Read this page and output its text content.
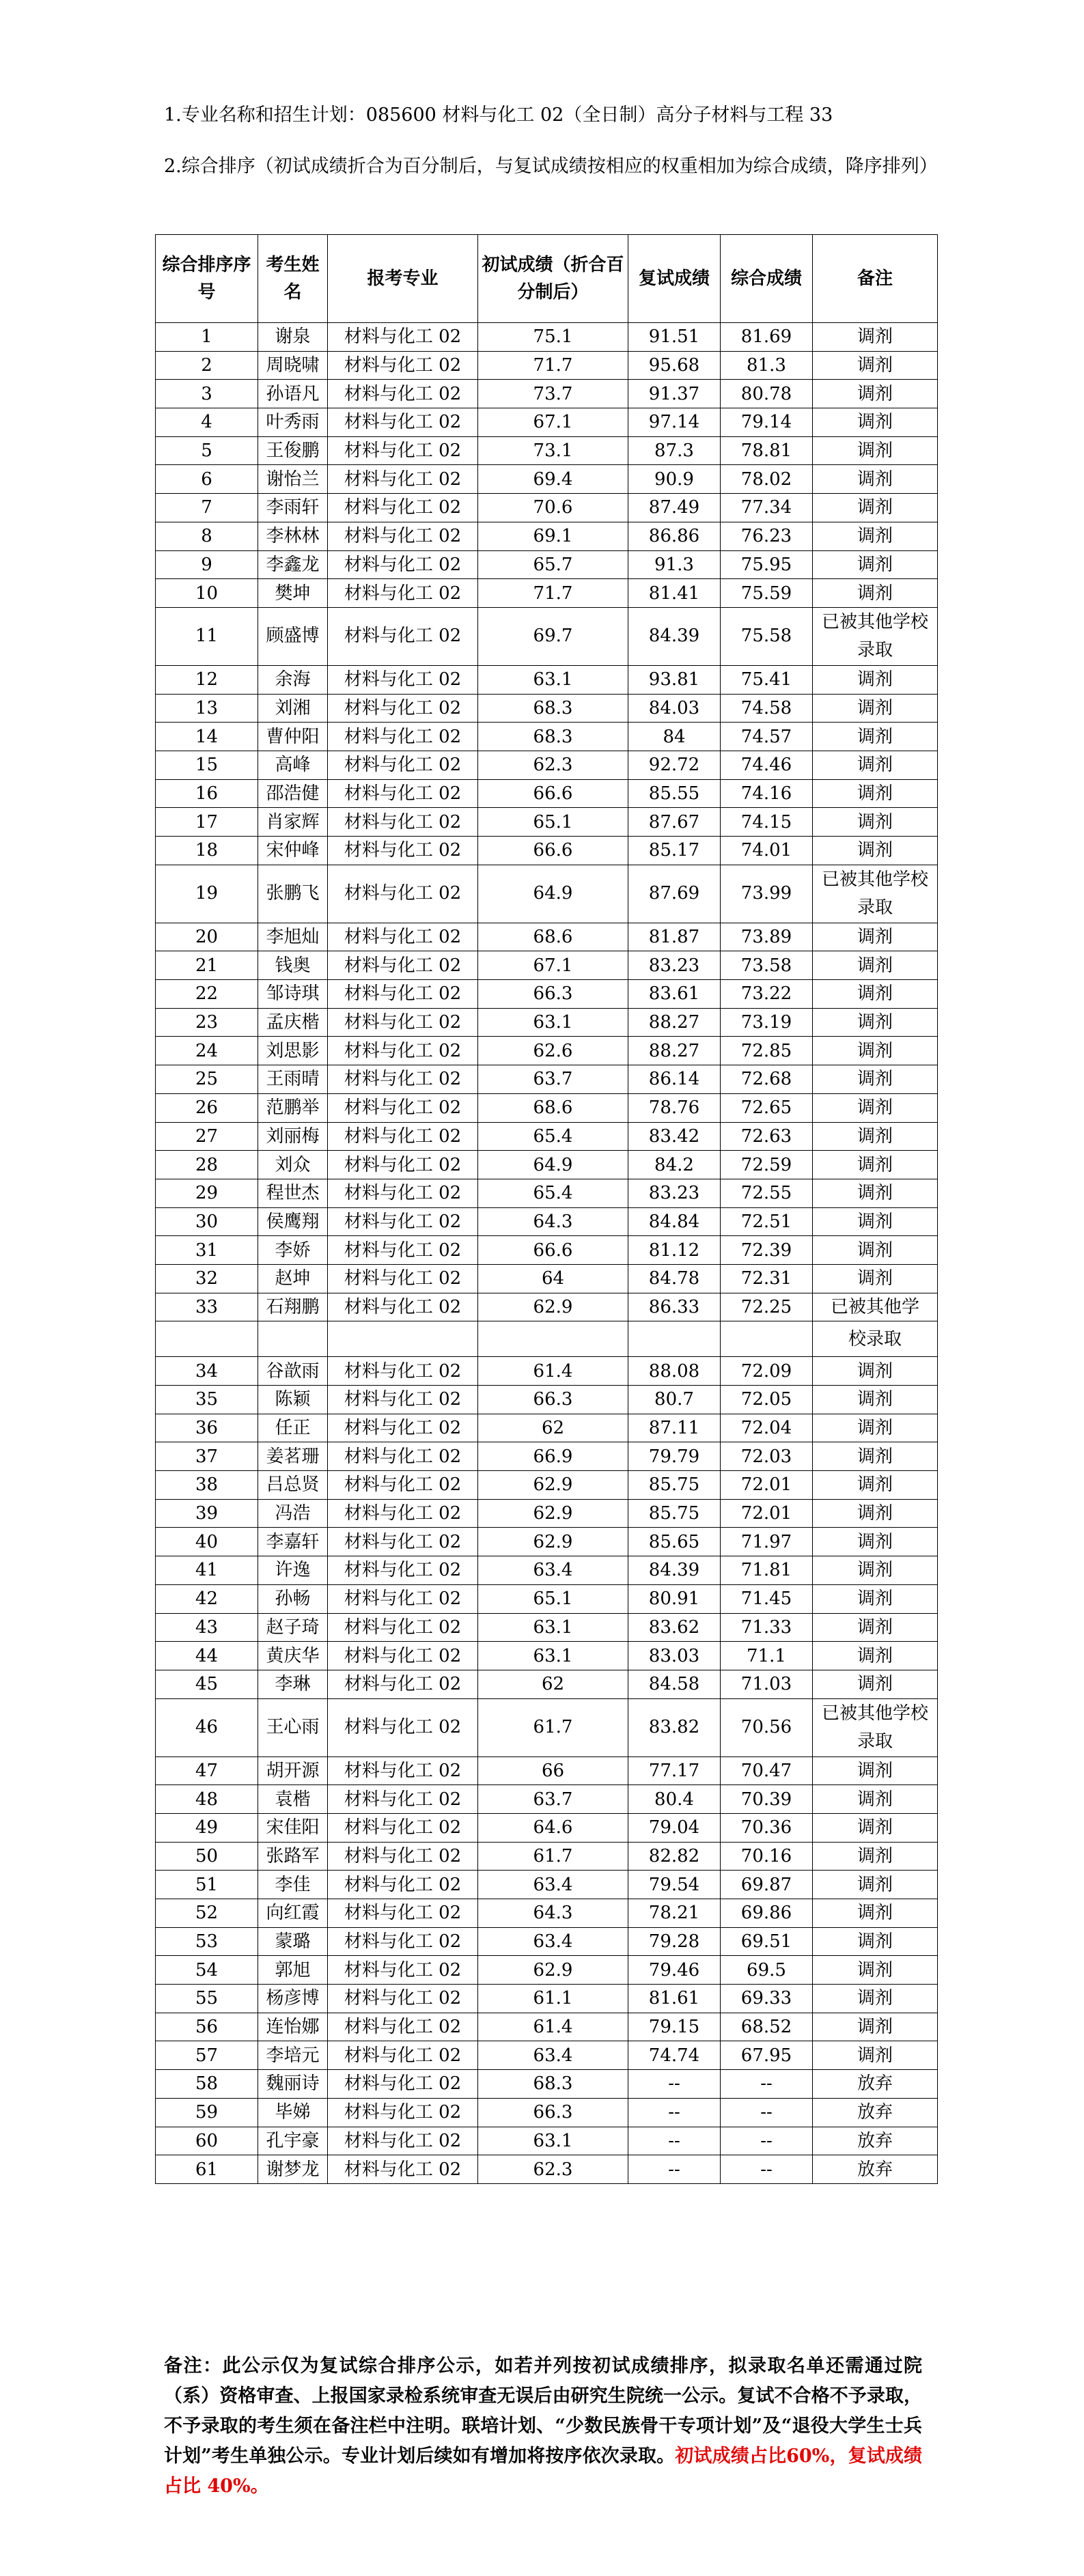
1.专业名称和招生计划：085600 材料与化工 02（全日制）高分子材料与工程 33
2.综合排序（初试成绩折合为百分制后，与复试成绩按相应的权重相加为综合成绩，降序排列）
综合排序序号	考生姓名	报考专业	初试成绩（折合百分制后）	复试成绩	综合成绩	备注
1	谢泉	材料与化工 02	75.1	91.51	81.69	调剂
2	周晓啸	材料与化工 02	71.7	95.68	81.3	调剂
3	孙语凡	材料与化工 02	73.7	91.37	80.78	调剂
4	叶秀雨	材料与化工 02	67.1	97.14	79.14	调剂
5	王俊鹏	材料与化工 02	73.1	87.3	78.81	调剂
6	谢怡兰	材料与化工 02	69.4	90.9	78.02	调剂
7	李雨轩	材料与化工 02	70.6	87.49	77.34	调剂
8	李林林	材料与化工 02	69.1	86.86	76.23	调剂
9	李鑫龙	材料与化工 02	65.7	91.3	75.95	调剂
10	樊坤	材料与化工 02	71.7	81.41	75.59	调剂
11	顾盛博	材料与化工 02	69.7	84.39	75.58	已被其他学校录取
12	余海	材料与化工 02	63.1	93.81	75.41	调剂
13	刘湘	材料与化工 02	68.3	84.03	74.58	调剂
14	曹仲阳	材料与化工 02	68.3	84	74.57	调剂
15	高峰	材料与化工 02	62.3	92.72	74.46	调剂
16	邵浩健	材料与化工 02	66.6	85.55	74.16	调剂
17	肖家辉	材料与化工 02	65.1	87.67	74.15	调剂
18	宋仲峰	材料与化工 02	66.6	85.17	74.01	调剂
19	张鹏飞	材料与化工 02	64.9	87.69	73.99	已被其他学校录取
20	李旭灿	材料与化工 02	68.6	81.87	73.89	调剂
21	钱奥	材料与化工 02	67.1	83.23	73.58	调剂
22	邹诗琪	材料与化工 02	66.3	83.61	73.22	调剂
23	孟庆楷	材料与化工 02	63.1	88.27	73.19	调剂
24	刘思影	材料与化工 02	62.6	88.27	72.85	调剂
25	王雨晴	材料与化工 02	63.7	86.14	72.68	调剂
26	范鹏举	材料与化工 02	68.6	78.76	72.65	调剂
27	刘丽梅	材料与化工 02	65.4	83.42	72.63	调剂
28	刘众	材料与化工 02	64.9	84.2	72.59	调剂
29	程世杰	材料与化工 02	65.4	83.23	72.55	调剂
30	侯鹰翔	材料与化工 02	64.3	84.84	72.51	调剂
31	李娇	材料与化工 02	66.6	81.12	72.39	调剂
32	赵坤	材料与化工 02	64	84.78	72.31	调剂
33	石翔鹏	材料与化工 02	62.9	86.33	72.25	已被其他学
						校录取
34	谷歆雨	材料与化工 02	61.4	88.08	72.09	调剂
35	陈颖	材料与化工 02	66.3	80.7	72.05	调剂
36	任正	材料与化工 02	62	87.11	72.04	调剂
37	姜茗珊	材料与化工 02	66.9	79.79	72.03	调剂
38	吕总贤	材料与化工 02	62.9	85.75	72.01	调剂
39	冯浩	材料与化工 02	62.9	85.75	72.01	调剂
40	李嘉轩	材料与化工 02	62.9	85.65	71.97	调剂
41	许逸	材料与化工 02	63.4	84.39	71.81	调剂
42	孙畅	材料与化工 02	65.1	80.91	71.45	调剂
43	赵子琦	材料与化工 02	63.1	83.62	71.33	调剂
44	黄庆华	材料与化工 02	63.1	83.03	71.1	调剂
45	李琳	材料与化工 02	62	84.58	71.03	调剂
46	王心雨	材料与化工 02	61.7	83.82	70.56	已被其他学校录取
47	胡开源	材料与化工 02	66	77.17	70.47	调剂
48	袁楷	材料与化工 02	63.7	80.4	70.39	调剂
49	宋佳阳	材料与化工 02	64.6	79.04	70.36	调剂
50	张路军	材料与化工 02	61.7	82.82	70.16	调剂
51	李佳	材料与化工 02	63.4	79.54	69.87	调剂
52	向红霞	材料与化工 02	64.3	78.21	69.86	调剂
53	蒙璐	材料与化工 02	63.4	79.28	69.51	调剂
54	郭旭	材料与化工 02	62.9	79.46	69.5	调剂
55	杨彦博	材料与化工 02	61.1	81.61	69.33	调剂
56	连怡娜	材料与化工 02	61.4	79.15	68.52	调剂
57	李培元	材料与化工 02	63.4	74.74	67.95	调剂
58	魏丽诗	材料与化工 02	68.3	--	--	放弃
59	毕娣	材料与化工 02	66.3	--	--	放弃
60	孔宇豪	材料与化工 02	63.1	--	--	放弃
61	谢梦龙	材料与化工 02	62.3	--	--	放弃
备注：此公示仅为复试综合排序公示，如若并列按初试成绩排序，拟录取名单还需通过院（系）资格审查、上报国家录检系统审查无误后由研究生院统一公示。复试不合格不予录取，不予录取的考生须在备注栏中注明。联培计划、“少数民族骨干专项计划”及“退役大学生士兵计划”考生单独公示。专业计划后续如有增加将按序依次录取。初试成绩占比60%，复试成绩占比 40%。
